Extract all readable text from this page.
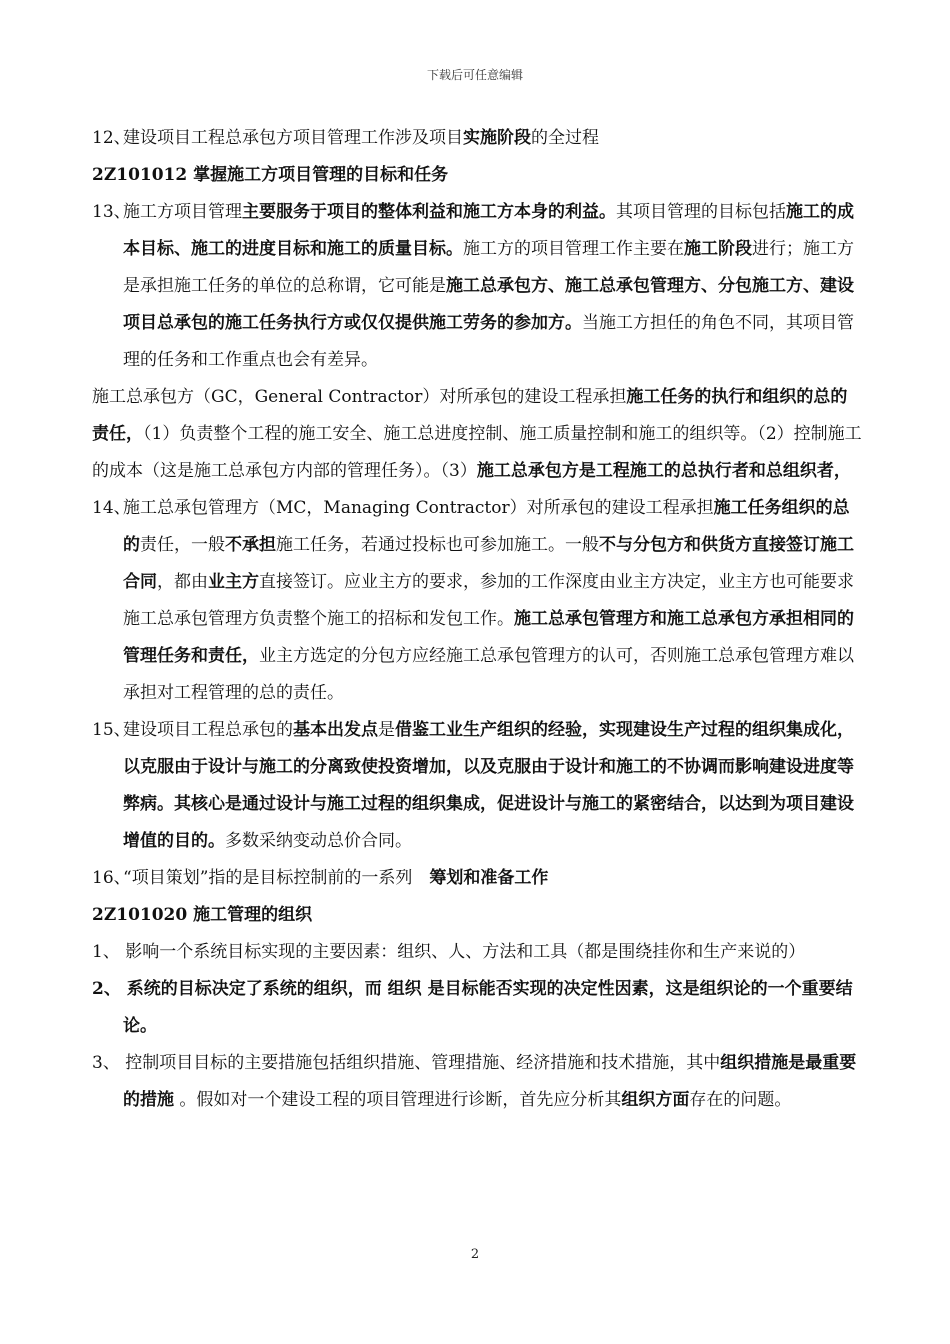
下载后可任意编辑

12、
建设项目工程总承包方项目管理工作涉及项目实施阶段的全过程

2Z101012 掌握施工方项目管理的目标和任务

13、
施工方项目管理主要服务于项目的整体利益和施工方本身的利益。其项目管理的目标包括施工的成本目标、施工的进度目标和施工的质量目标。施工方的项目管理工作主要在施工阶段进行；施工方是承担施工任务的单位的总称谓，它可能是施工总承包方、施工总承包管理方、分包施工方、建设项目总承包的施工任务执行方或仅仅提供施工劳务的参加方。当施工方担任的角色不同，其项目管理的任务和工作重点也会有差异。

施工总承包方（GC，General Contractor）对所承包的建设工程承担施工任务的执行和组织的总的责任，（1）负责整个工程的施工安全、施工总进度控制、施工质量控制和施工的组织等。（2）控制施工的成本（这是施工总承包方内部的管理任务）。（3）施工总承包方是工程施工的总执行者和总组织者，

14、
施工总承包管理方（MC，Managing Contractor）对所承包的建设工程承担施工任务组织的总的责任，一般不承担施工任务，若通过投标也可参加施工。一般不与分包方和供货方直接签订施工合同，都由业主方直接签订。应业主方的要求，参加的工作深度由业主方决定，业主方也可能要求施工总承包管理方负责整个施工的招标和发包工作。施工总承包管理方和施工总承包方承担相同的管理任务和责任，业主方选定的分包方应经施工总承包管理方的认可，否则施工总承包管理方难以承担对工程管理的总的责任。

15、
建设项目工程总承包的基本出发点是借鉴工业生产组织的经验，实现建设生产过程的组织集成化，以克服由于设计与施工的分离致使投资增加，以及克服由于设计和施工的不协调而影响建设进度等弊病。其核心是通过设计与施工过程的组织集成，促进设计与施工的紧密结合，以达到为项目建设增值的目的。多数采纳变动总价合同。

16、
“项目策划”指的是目标控制前的一系列　筹划和准备工作

2Z101020 施工管理的组织

1、 影响一个系统目标实现的主要因素：组织、人、方法和工具（都是围绕挂你和生产来说的）

2、 系统的目标决定了系统的组织，而 组织 是目标能否实现的决定性因素，这是组织论的一个重要结论。

3、 控制项目目标的主要措施包括组织措施、管理措施、经济措施和技术措施，其中组织措施是最重要的措施 。假如对一个建设工程的项目管理进行诊断，首先应分析其组织方面存在的问题。

2
